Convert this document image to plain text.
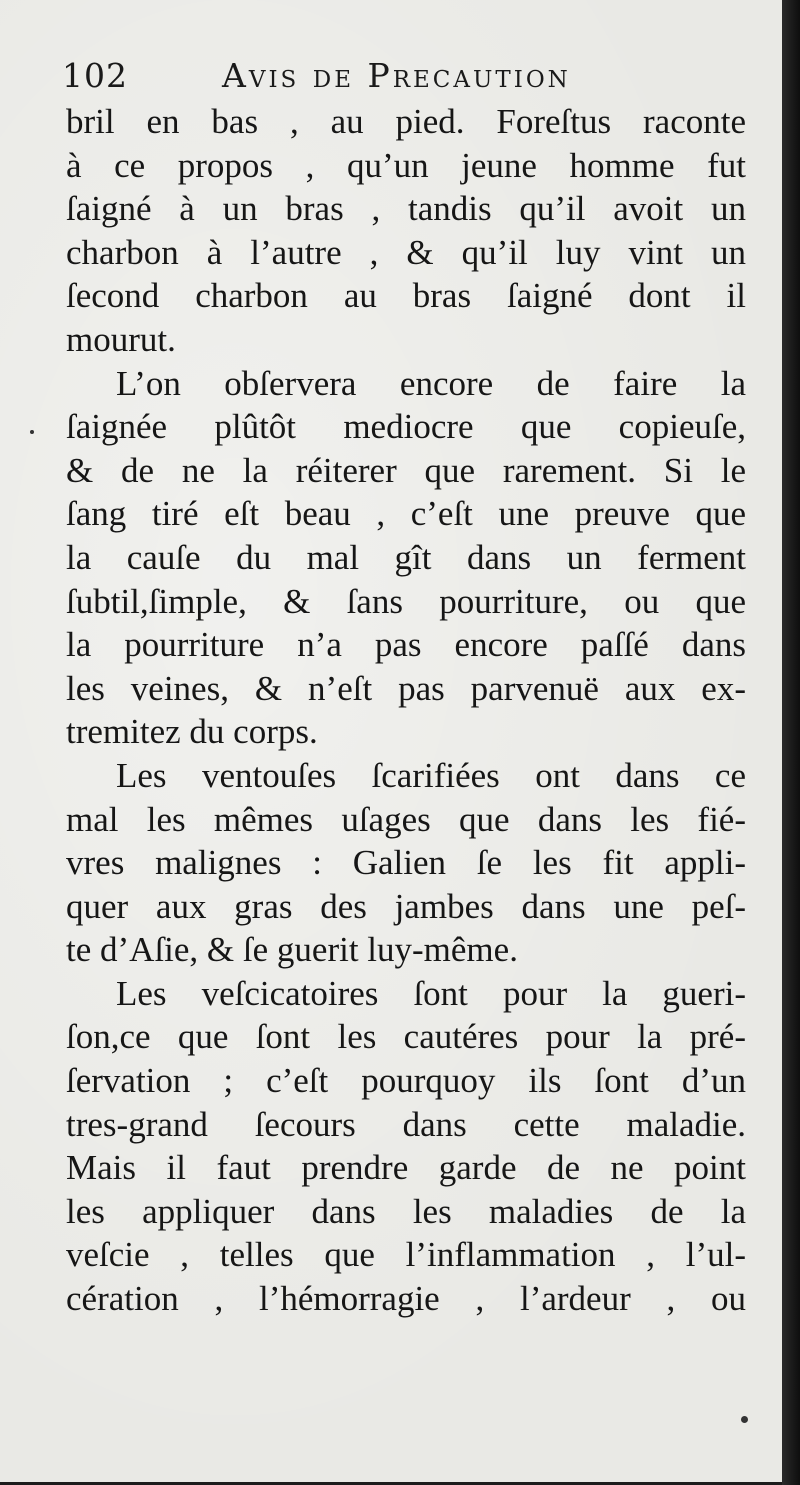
102	Avis de Precaution
bril en bas , au pied. Foreſtus raconte
à ce propos , qu’un jeune homme fut
ſaigné à un bras , tandis qu’il avoit un
charbon à l’autre , & qu’il luy vint un
ſecond charbon au bras ſaigné dont il
mourut.
L’on obſervera encore de faire la
ſaignée plûtôt mediocre que copieuſe,
& de ne la réiterer que rarement. Si le
ſang tiré eſt beau , c’eſt une preuve que
la cauſe du mal gît dans un ferment
ſubtil,ſimple, & ſans pourriture, ou que
la pourriture n’a pas encore paſſé dans
les veines, & n’eſt pas parvenuë aux ex-
tremitez du corps.
Les ventouſes ſcarifiées ont dans ce
mal les mêmes uſages que dans les fié-
vres malignes : Galien ſe les fit appli-
quer aux gras des jambes dans une peſ-
te d’Aſie, & ſe guerit luy-même.
Les veſcicatoires ſont pour la gueri-
ſon,ce que ſont les cautéres pour la pré-
ſervation ; c’eſt pourquoy ils ſont d’un
tres-grand ſecours dans cette maladie.
Mais il faut prendre garde de ne point
les appliquer dans les maladies de la
veſcie , telles que l’inflammation , l’ul-
cération , l’hémorragie , l’ardeur , ou
